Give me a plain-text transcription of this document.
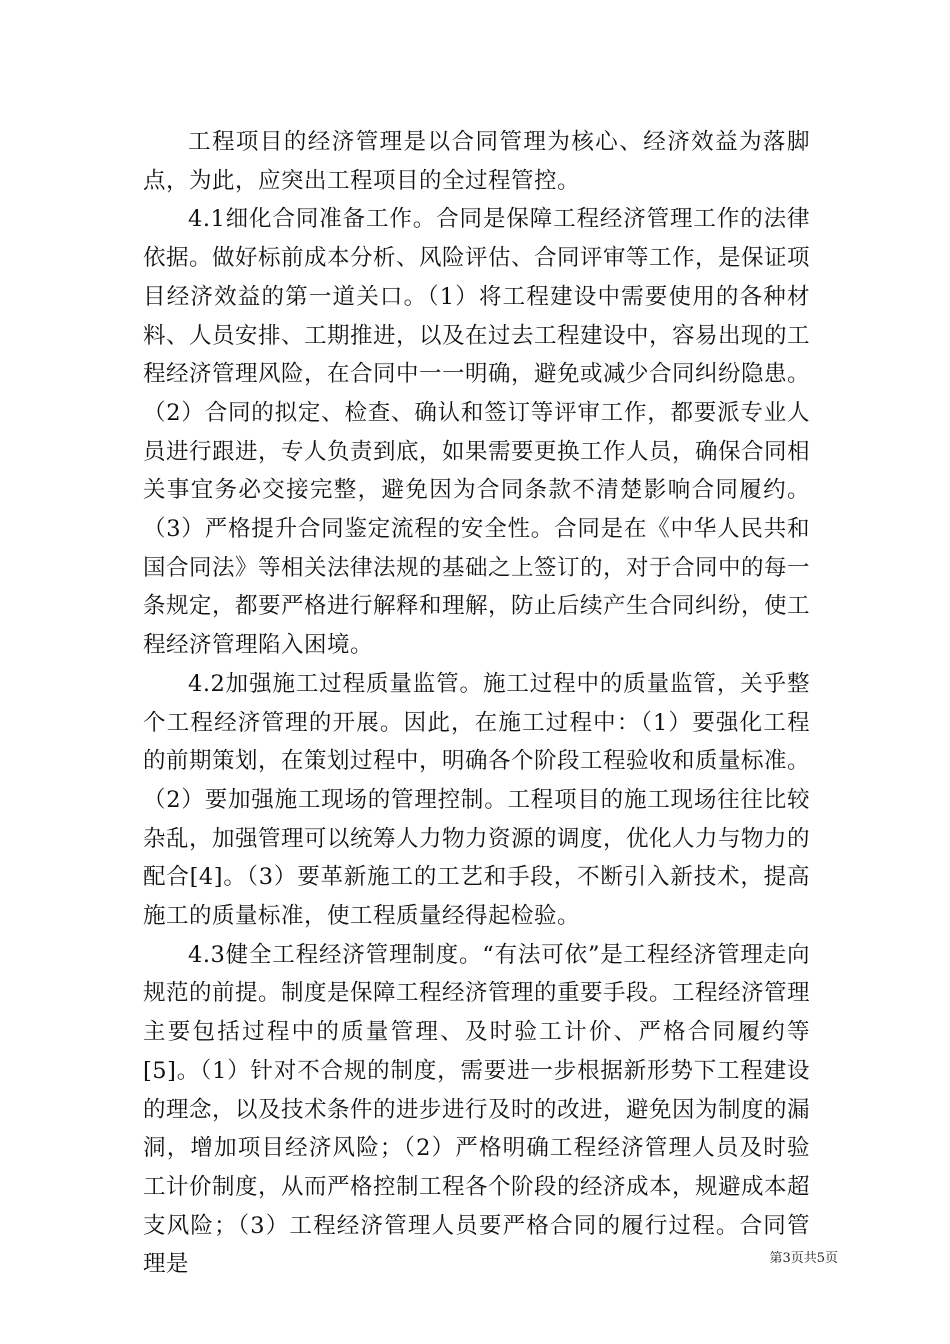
工程项目的经济管理是以合同管理为核心、经济效益为落脚点，为此，应突出工程项目的全过程管控。

4.1细化合同准备工作。合同是保障工程经济管理工作的法律依据。做好标前成本分析、风险评估、合同评审等工作，是保证项目经济效益的第一道关口。（1）将工程建设中需要使用的各种材料、人员安排、工期推进，以及在过去工程建设中，容易出现的工程经济管理风险，在合同中一一明确，避免或减少合同纠纷隐患。（2）合同的拟定、检查、确认和签订等评审工作，都要派专业人员进行跟进，专人负责到底，如果需要更换工作人员，确保合同相关事宜务必交接完整，避免因为合同条款不清楚影响合同履约。（3）严格提升合同鉴定流程的安全性。合同是在《中华人民共和国合同法》等相关法律法规的基础之上签订的，对于合同中的每一条规定，都要严格进行解释和理解，防止后续产生合同纠纷，使工程经济管理陷入困境。

4.2加强施工过程质量监管。施工过程中的质量监管，关乎整个工程经济管理的开展。因此，在施工过程中：（1）要强化工程的前期策划，在策划过程中，明确各个阶段工程验收和质量标准。（2）要加强施工现场的管理控制。工程项目的施工现场往往比较杂乱，加强管理可以统筹人力物力资源的调度，优化人力与物力的配合[4]。（3）要革新施工的工艺和手段，不断引入新技术，提高施工的质量标准，使工程质量经得起检验。

4.3健全工程经济管理制度。“有法可依”是工程经济管理走向规范的前提。制度是保障工程经济管理的重要手段。工程经济管理主要包括过程中的质量管理、及时验工计价、严格合同履约等[5]。（1）针对不合规的制度，需要进一步根据新形势下工程建设的理念，以及技术条件的进步进行及时的改进，避免因为制度的漏洞，增加项目经济风险；（2）严格明确工程经济管理人员及时验工计价制度，从而严格控制工程各个阶段的经济成本，规避成本超支风险；（3）工程经济管理人员要严格合同的履行过程。合同管理是	第3页共5页
